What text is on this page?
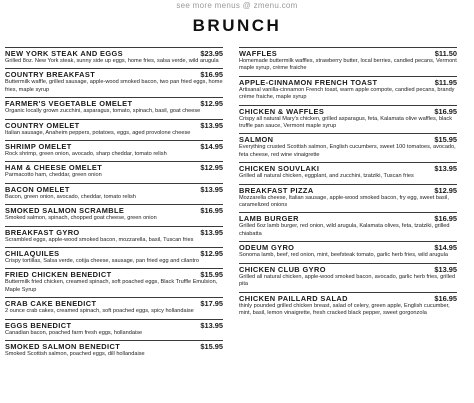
see more menus @ zmenu.com
BRUNCH
NEW YORK STEAK AND EGGS	$23.95
Grilled 8oz. New York steak, sunny side up eggs, home fries, salsa verde, wild arugula
COUNTRY BREAKFAST	$16.95
Buttermilk waffle, grilled sausage, apple-wood smoked bacon, two pan fried eggs, home fries, maple syrup
FARMER'S VEGETABLE OMELET	$12.95
Organic locally grown zucchini, asparagus, tomato, spinach, basil, goat cheese
COUNTRY OMELET	$13.95
Italian sausage, Anaheim peppers, potatoes, eggs, aged provolone cheese
SHRIMP OMELET	$14.95
Rock shrimp, green onion, avocado, sharp cheddar, tomato relish
HAM & CHEESE OMELET	$12.95
Parmacotto ham, cheddar, green onion
BACON OMELET	$13.95
Bacon, green onion, avocado, cheddar, tomato relish
SMOKED SALMON SCRAMBLE	$16.95
Smoked salmon, spinach, chopped goat cheese, green onion
BREAKFAST GYRO	$13.95
Scrambled eggs, apple-wood smoked bacon, mozzarella, basil, Tuscan fries
CHILAQUILES	$12.95
Crispy tortillas, Salsa verde, cotija cheese, sausage, pan fried egg and cilantro
FRIED CHICKEN BENEDICT	$15.95
Buttermilk fried chicken, creamed spinach, soft poached eggs, Black Truffle Emulsion, Maple Syrup
CRAB CAKE BENEDICT	$17.95
2 ounce crab cakes, creamed spinach, soft poached eggs, spicy hollandaise
EGGS BENEDICT	$13.95
Canadian bacon, poached farm fresh eggs, hollandaise
SMOKED SALMON BENEDICT	$15.95
Smoked Scottish salmon, poached eggs, dill hollandaise
WAFFLES	$11.50
Homemade buttermilk waffles, strawberry butter, local berries, candied pecans, Vermont maple syrup, crème fraiche
APPLE-CINNAMON FRENCH TOAST	$11.95
Artisanal vanilla-cinnamon French toast, warm apple compote, candied pecans, brandy crème fraiche, maple syrup
CHICKEN & WAFFLES	$16.95
Crispy all natural Mary's chicken, grilled asparagus, feta, Kalamata olive waffles, black truffle pan sauce, Vermont maple syrup
SALMON	$15.95
Everything crusted Scottish salmon, English cucumbers, sweet 100 tomatoes, avocado, feta cheese, red wine vinaigrette
CHICKEN SOUVLAKI	$13.95
Grilled all natural chicken, eggplant, and zucchini, tzatziki, Tuscan fries
BREAKFAST PIZZA	$12.95
Mozzarella cheese, Italian sausage, apple-wood smoked bacon, fry egg, sweet basil, caramelized onions
LAMB BURGER	$16.95
Grilled 6oz lamb burger, red onion, wild arugula, Kalamata olives, feta, tzatziki, grilled chiabatta
ODEUM GYRO	$14.95
Sonoma lamb, beef, red onion, mint, beefsteak tomato, garlic herb fries, wild arugula
CHICKEN CLUB GYRO	$13.95
Grilled all natural chicken, apple-wood smoked bacon, avocado, garlic herb fries, grilled pita
CHICKEN PAILLARD SALAD	$16.95
thinly pounded grilled chicken breast, salad of celery, green apple, English cucumber, mint, basil, lemon vinaigrette, fresh cracked black pepper, sweet gorgonzola
